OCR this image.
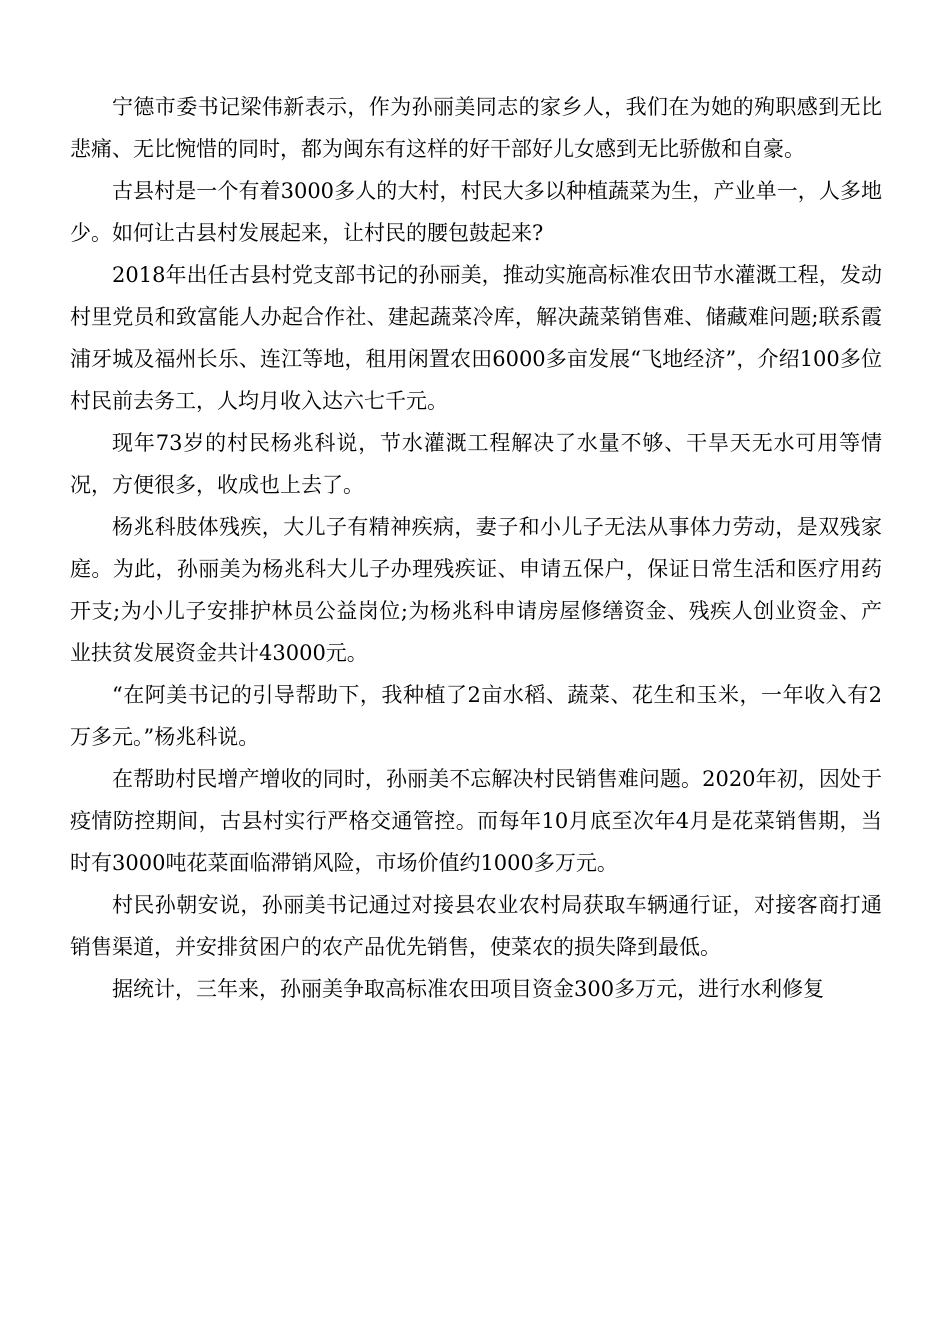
宁德市委书记梁伟新表示，作为孙丽美同志的家乡人，我们在为她的殉职感到无比悲痛、无比惋惜的同时，都为闽东有这样的好干部好儿女感到无比骄傲和自豪。

古县村是一个有着3000多人的大村，村民大多以种植蔬菜为生，产业单一，人多地少。如何让古县村发展起来，让村民的腰包鼓起来?

2018年出任古县村党支部书记的孙丽美，推动实施高标准农田节水灌溉工程，发动村里党员和致富能人办起合作社、建起蔬菜冷库，解决蔬菜销售难、储藏难问题;联系霞浦牙城及福州长乐、连江等地，租用闲置农田6000多亩发展“飞地经济”，介绍100多位村民前去务工，人均月收入达六七千元。

现年73岁的村民杨兆科说，节水灌溉工程解决了水量不够、干旱天无水可用等情况，方便很多，收成也上去了。

杨兆科肢体残疾，大儿子有精神疾病，妻子和小儿子无法从事体力劳动，是双残家庭。为此，孙丽美为杨兆科大儿子办理残疾证、申请五保户，保证日常生活和医疗用药开支;为小儿子安排护林员公益岗位;为杨兆科申请房屋修缮资金、残疾人创业资金、产业扶贫发展资金共计43000元。

“在阿美书记的引导帮助下，我种植了2亩水稻、蔬菜、花生和玉米，一年收入有2万多元。”杨兆科说。

在帮助村民增产增收的同时，孙丽美不忘解决村民销售难问题。2020年初，因处于疫情防控期间，古县村实行严格交通管控。而每年10月底至次年4月是花菜销售期，当时有3000吨花菜面临滞销风险，市场价值约1000多万元。

村民孙朝安说，孙丽美书记通过对接县农业农村局获取车辆通行证，对接客商打通销售渠道，并安排贫困户的农产品优先销售，使菜农的损失降到最低。

据统计，三年来，孙丽美争取高标准农田项目资金300多万元，进行水利修复
